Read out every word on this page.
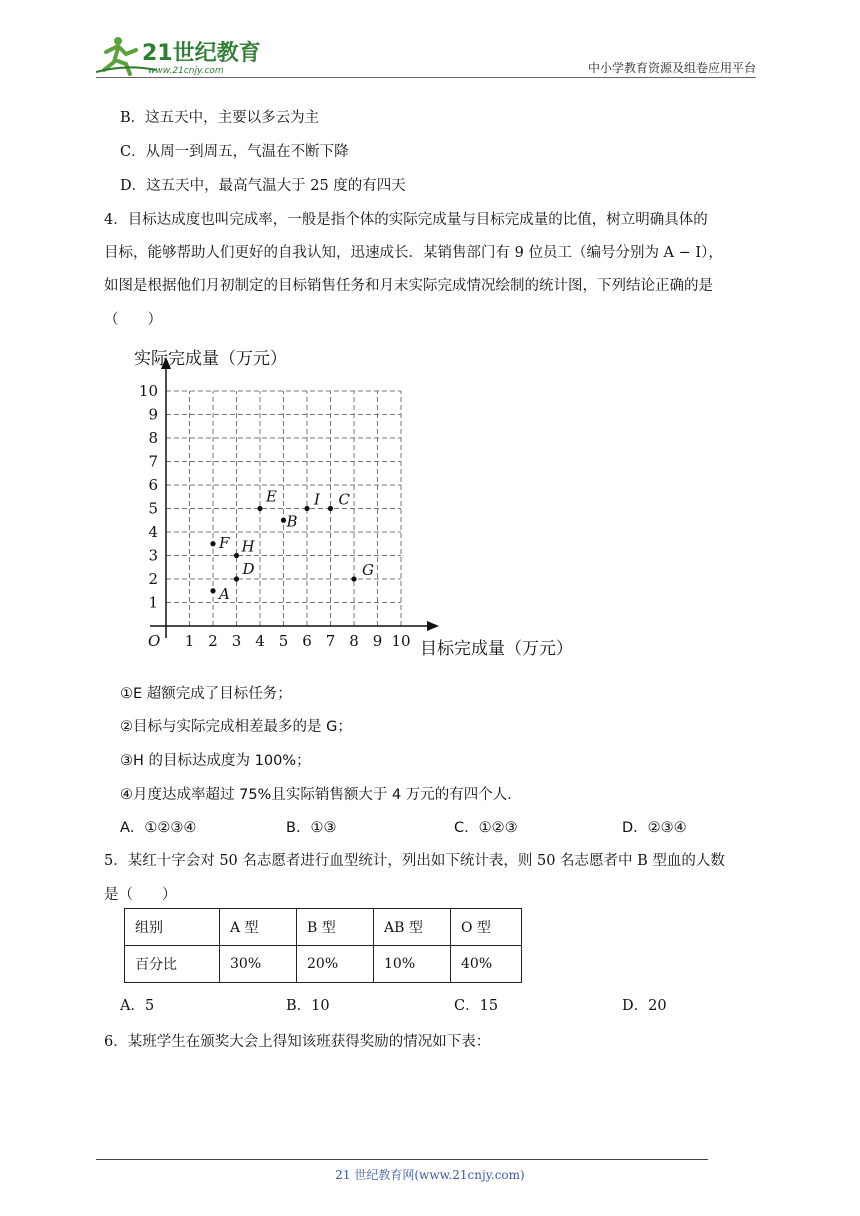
21世纪教育
www.21cnjy.com	中小学教育资源及组卷应用平台
B．这五天中，主要以多云为主
C．从周一到周五，气温在不断下降
D．这五天中，最高气温大于 25 度的有四天
4．目标达成度也叫完成率，一般是指个体的实际完成量与目标完成量的比值，树立明确具体的
目标，能够帮助人们更好的自我认知，迅速成长．某销售部门有 9 位员工（编号分别为 A − I），
如图是根据他们月初制定的目标销售任务和月末实际完成情况绘制的统计图，下列结论正确的是
（　　）
1 2 3 4 5 6 7 8 9 10
1
2
3
4
5
6
7
8
9
10
A
B
C
D
E
F
G
H
I
实际完成量（万元）
目标完成量（万元）
O
①E 超额完成了目标任务；
②目标与实际完成相差最多的是 G；
③H 的目标达成度为 100%；
④月度达成率超过 75%且实际销售额大于 4 万元的有四个人．
A．①②③④	B．①③	C．①②③	D．②③④
5．某红十字会对 50 名志愿者进行血型统计，列出如下统计表，则 50 名志愿者中 B 型血的人数
是（　　）
组别	A 型	B 型	AB 型	O 型
百分比	30%	20%	10%	40%
A．5	B．10	C．15	D．20
6．某班学生在颁奖大会上得知该班获得奖励的情况如下表：
21 世纪教育网(www.21cnjy.com)
